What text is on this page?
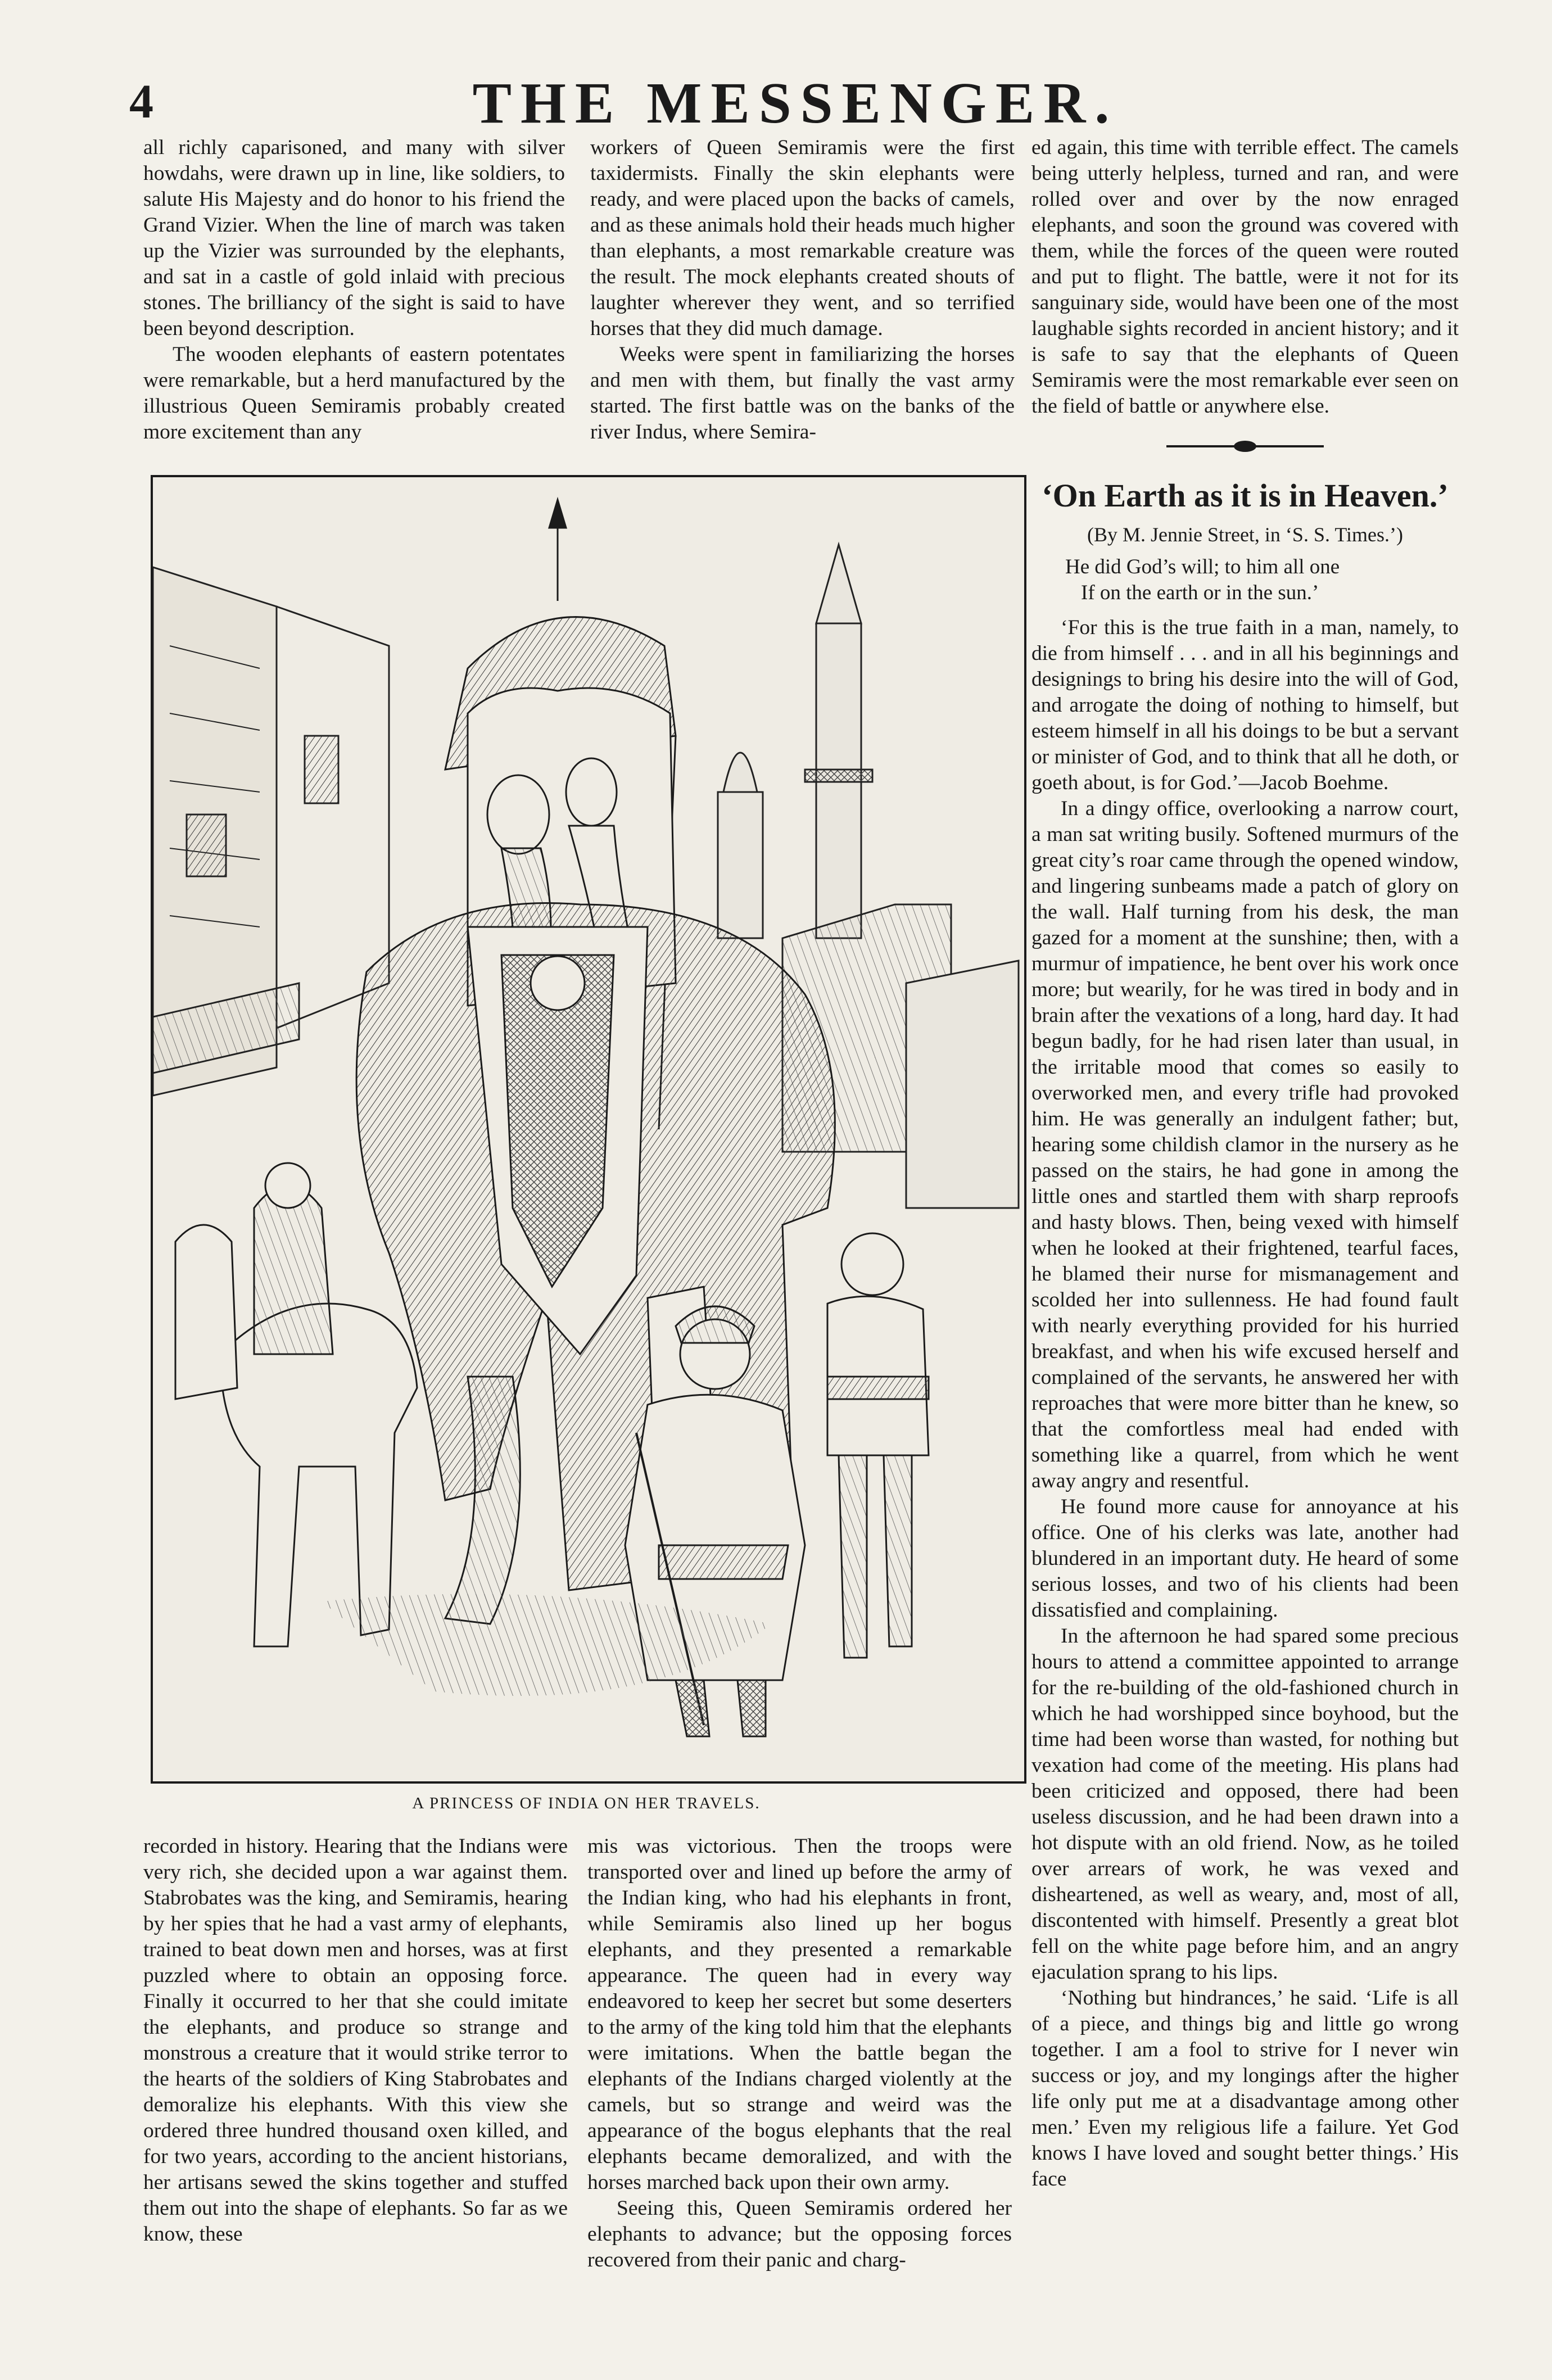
4	THE MESSENGER.

all richly caparisoned, and many with silver howdahs, were drawn up in line, like soldiers, to salute His Majesty and do honor to his friend the Grand Vizier. When the line of march was taken up the Vizier was surrounded by the elephants, and sat in a castle of gold inlaid with precious stones. The brilliancy of the sight is said to have been beyond description.

The wooden elephants of eastern potentates were remarkable, but a herd manufactured by the illustrious Queen Semiramis probably created more excitement than any

workers of Queen Semiramis were the first taxidermists. Finally the skin elephants were ready, and were placed upon the backs of camels, and as these animals hold their heads much higher than elephants, a most remarkable creature was the result. The mock elephants created shouts of laughter wherever they went, and so terrified horses that they did much damage.

Weeks were spent in familiarizing the horses and men with them, but finally the vast army started. The first battle was on the banks of the river Indus, where Semira-

ed again, this time with terrible effect. The camels being utterly helpless, turned and ran, and were rolled over and over by the now enraged elephants, and soon the ground was covered with them, while the forces of the queen were routed and put to flight. The battle, were it not for its sanguinary side, would have been one of the most laughable sights recorded in ancient history; and it is safe to say that the elephants of Queen Semiramis were the most remarkable ever seen on the field of battle or anywhere else.

‘On Earth as it is in Heaven.’
(By M. Jennie Street, in ‘S. S. Times.’)
He did God’s will; to him all one
If on the earth or in the sun.’

‘For this is the true faith in a man, namely, to die from himself . . . and in all his beginnings and designings to bring his desire into the will of God, and arrogate the doing of nothing to himself, but esteem himself in all his doings to be but a servant or minister of God, and to think that all he doth, or goeth about, is for God.’—Jacob Boehme.

In a dingy office, overlooking a narrow court, a man sat writing busily. Softened murmurs of the great city’s roar came through the opened window, and lingering sunbeams made a patch of glory on the wall. Half turning from his desk, the man gazed for a moment at the sunshine; then, with a murmur of impatience, he bent over his work once more; but wearily, for he was tired in body and in brain after the vexations of a long, hard day. It had begun badly, for he had risen later than usual, in the irritable mood that comes so easily to overworked men, and every trifle had provoked him. He was generally an indulgent father; but, hearing some childish clamor in the nursery as he passed on the stairs, he had gone in among the little ones and startled them with sharp reproofs and hasty blows. Then, being vexed with himself when he looked at their frightened, tearful faces, he blamed their nurse for mismanagement and scolded her into sullenness. He had found fault with nearly everything provided for his hurried breakfast, and when his wife excused herself and complained of the servants, he answered her with reproaches that were more bitter than he knew, so that the comfortless meal had ended with something like a quarrel, from which he went away angry and resentful.

He found more cause for annoyance at his office. One of his clerks was late, another had blundered in an important duty. He heard of some serious losses, and two of his clients had been dissatisfied and complaining.

In the afternoon he had spared some precious hours to attend a committee appointed to arrange for the re-building of the old-fashioned church in which he had worshipped since boyhood, but the time had been worse than wasted, for nothing but vexation had come of the meeting. His plans had been criticized and opposed, there had been useless discussion, and he had been drawn into a hot dispute with an old friend. Now, as he toiled over arrears of work, he was vexed and disheartened, as well as weary, and, most of all, discontented with himself. Presently a great blot fell on the white page before him, and an angry ejaculation sprang to his lips.

‘Nothing but hindrances,’ he said. ‘Life is all of a piece, and things big and little go wrong together. I am a fool to strive for I never win success or joy, and my longings after the higher life only put me at a disadvantage among other men.’ Even my religious life a failure. Yet God knows I have loved and sought better things.’ His face

A PRINCESS OF INDIA ON HER TRAVELS.

recorded in history. Hearing that the Indians were very rich, she decided upon a war against them. Stabrobates was the king, and Semiramis, hearing by her spies that he had a vast army of elephants, trained to beat down men and horses, was at first puzzled where to obtain an opposing force. Finally it occurred to her that she could imitate the elephants, and produce so strange and monstrous a creature that it would strike terror to the hearts of the soldiers of King Stabrobates and demoralize his elephants. With this view she ordered three hundred thousand oxen killed, and for two years, according to the ancient historians, her artisans sewed the skins together and stuffed them out into the shape of elephants. So far as we know, these

mis was victorious. Then the troops were transported over and lined up before the army of the Indian king, who had his elephants in front, while Semiramis also lined up her bogus elephants, and they presented a remarkable appearance. The queen had in every way endeavored to keep her secret but some deserters to the army of the king told him that the elephants were imitations. When the battle began the elephants of the Indians charged violently at the camels, but so strange and weird was the appearance of the bogus elephants that the real elephants became demoralized, and with the horses marched back upon their own army.

Seeing this, Queen Semiramis ordered her elephants to advance; but the opposing forces recovered from their panic and charg-
